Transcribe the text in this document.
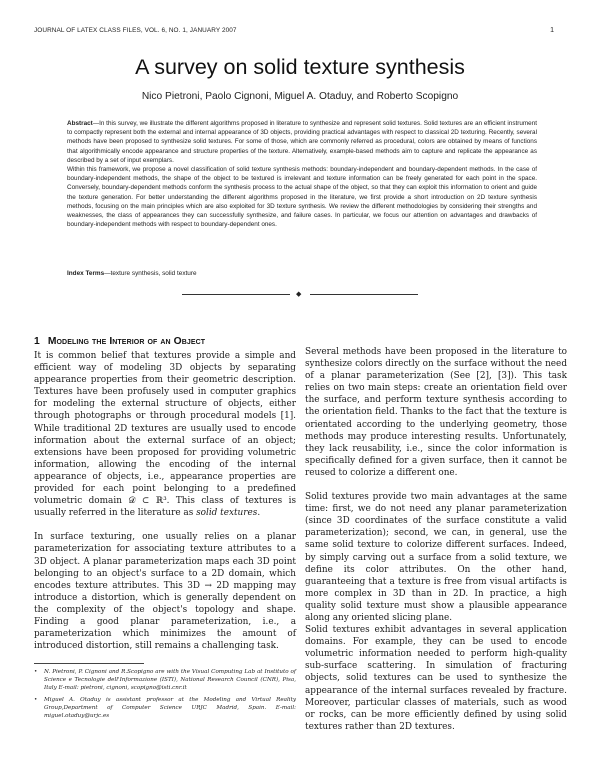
JOURNAL OF LATEX CLASS FILES, VOL. 6, NO. 1, JANUARY 2007	1
A survey on solid texture synthesis
Nico Pietroni, Paolo Cignoni, Miguel A. Otaduy, and Roberto Scopigno

Abstract—In this survey, we illustrate the different algorithms proposed in literature to synthesize and represent solid textures. Solid textures are an efficient instrument to compactly represent both the external and internal appearance of 3D objects, providing practical advantages with respect to classical 2D texturing. Recently, several methods have been proposed to synthesize solid textures. For some of those, which are commonly referred as procedural, colors are obtained by means of functions that algorithmically encode appearance and structure properties of the texture. Alternatively, example-based methods aim to capture and replicate the appearance as described by a set of input exemplars.

Within this framework, we propose a novel classification of solid texture synthesis methods: boundary-independent and boundary-dependent methods. In the case of boundary-independent methods, the shape of the object to be textured is irrelevant and texture information can be freely generated for each point in the space. Conversely, boundary-dependent methods conform the synthesis process to the actual shape of the object, so that they can exploit this information to orient and guide the texture generation. For better understanding the different algorithms proposed in the literature, we first provide a short introduction on 2D texture synthesis methods, focusing on the main principles which are also exploited for 3D texture synthesis. We review the different methodologies by considering their strengths and weaknesses, the class of appearances they can successfully synthesize, and failure cases. In particular, we focus our attention on advantages and drawbacks of boundary-independent methods with respect to boundary-dependent ones.

Index Terms—texture synthesis, solid texture
◆
1 Modeling the Interior of an Object

It is common belief that textures provide a simple and efficient way of modeling 3D objects by separating appearance properties from their geometric description. Textures have been profusely used in computer graphics for modeling the external structure of objects, either through photographs or through procedural models [1]. While traditional 2D textures are usually used to encode information about the external surface of an object; extensions have been proposed for providing volumetric information, allowing the encoding of the internal appearance of objects, i.e., appearance properties are provided for each point belonging to a predefined volumetric domain 𝒟 ⊂ ℝ³. This class of textures is usually referred in the literature as solid textures.

In surface texturing, one usually relies on a planar parameterization for associating texture attributes to a 3D object. A planar parameterization maps each 3D point belonging to an object's surface to a 2D domain, which encodes texture attributes. This 3D → 2D mapping may introduce a distortion, which is generally dependent on the complexity of the object's topology and shape. Finding a good planar parameterization, i.e., a parameterization which minimizes the amount of introduced distortion, still remains a challenging task.

• N. Pietroni, P. Cignoni and R.Scopigno are with the Visual Computing Lab at Instituto of Science e Tecnologie dell'Informazione (ISTI), National Research Council (CNR), Pisa, Italy E-mail: pietroni, cignoni, scopigno@isti.cnr.it
• Miguel A. Otaduy is assistant professor at the Modeling and Virtual Reality Group,Department of Computer Science URJC Madrid, Spain. E-mail: miguel.otaduy@urjc.es

Several methods have been proposed in the literature to synthesize colors directly on the surface without the need of a planar parameterization (See [2], [3]). This task relies on two main steps: create an orientation field over the surface, and perform texture synthesis according to the orientation field. Thanks to the fact that the texture is orientated according to the underlying geometry, those methods may produce interesting results. Unfortunately, they lack reusability, i.e., since the color information is specifically defined for a given surface, then it cannot be reused to colorize a different one.

Solid textures provide two main advantages at the same time: first, we do not need any planar parameterization (since 3D coordinates of the surface constitute a valid parameterization); second, we can, in general, use the same solid texture to colorize different surfaces. Indeed, by simply carving out a surface from a solid texture, we define its color attributes. On the other hand, guaranteeing that a texture is free from visual artifacts is more complex in 3D than in 2D. In practice, a high quality solid texture must show a plausible appearance along any oriented slicing plane.

Solid textures exhibit advantages in several application domains. For example, they can be used to encode volumetric information needed to perform high-quality sub-surface scattering. In simulation of fracturing objects, solid textures can be used to synthesize the appearance of the internal surfaces revealed by fracture. Moreover, particular classes of materials, such as wood or rocks, can be more efficiently defined by using solid textures rather than 2D textures.
